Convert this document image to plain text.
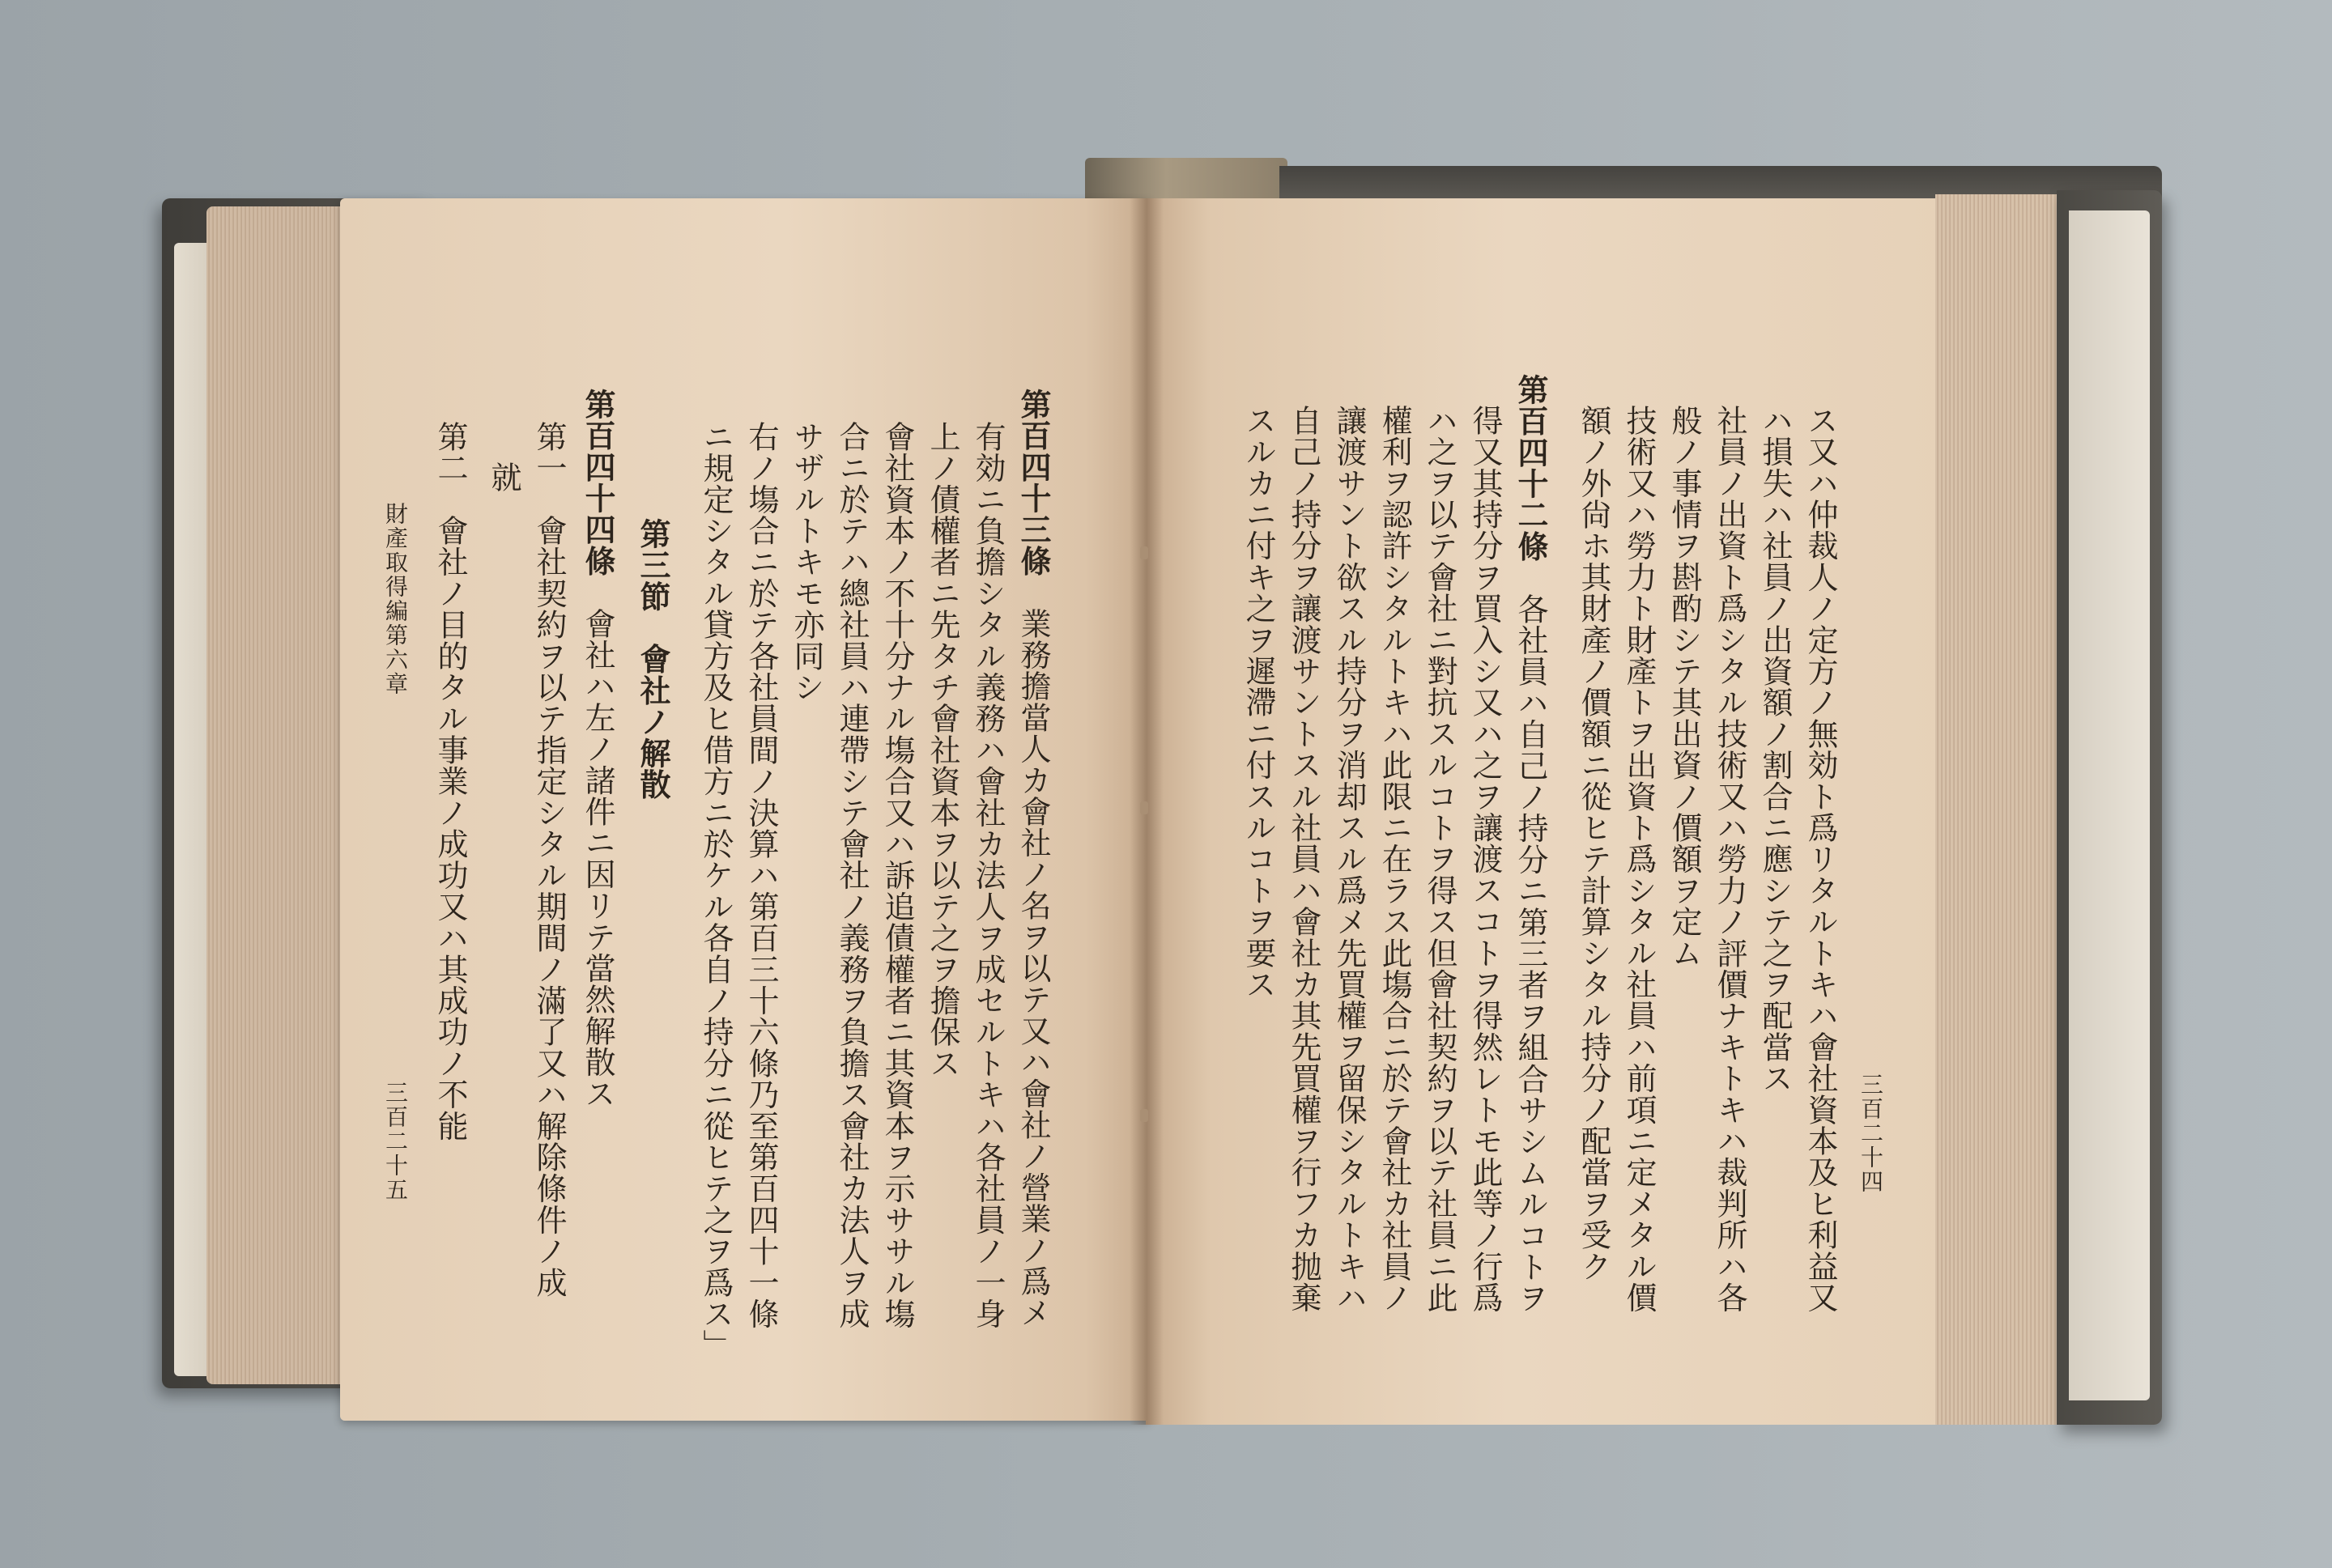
三百二十四
ス又ハ仲裁人ノ定方ノ無効ト爲リタルトキハ會社資本及ヒ利益又
ハ損失ハ社員ノ出資額ノ割合ニ應シテ之ヲ配當ス
社員ノ出資ト爲シタル技術又ハ勞力ノ評價ナキトキハ裁判所ハ各
般ノ事情ヲ斟酌シテ其出資ノ價額ヲ定ム
技術又ハ勞力ト財產トヲ出資ト爲シタル社員ハ前項ニ定メタル價
額ノ外尙ホ其財產ノ價額ニ從ヒテ計算シタル持分ノ配當ヲ受ク
第百四十二條　各社員ハ自己ノ持分ニ第三者ヲ組合サシムルコトヲ
得又其持分ヲ買入シ又ハ之ヲ讓渡スコトヲ得然レトモ此等ノ行爲
ハ之ヲ以テ會社ニ對抗スルコトヲ得ス但會社契約ヲ以テ社員ニ此
權利ヲ認許シタルトキハ此限ニ在ラス此塲合ニ於テ會社カ社員ノ
讓渡サント欲スル持分ヲ消却スル爲メ先買權ヲ留保シタルトキハ
自己ノ持分ヲ讓渡サントスル社員ハ會社カ其先買權ヲ行フカ抛棄
スルカニ付キ之ヲ遲滯ニ付スルコトヲ要ス
第百四十三條　業務擔當人カ會社ノ名ヲ以テ又ハ會社ノ營業ノ爲メ
有効ニ負擔シタル義務ハ會社カ法人ヲ成セルトキハ各社員ノ一身
上ノ債權者ニ先タチ會社資本ヲ以テ之ヲ擔保ス
會社資本ノ不十分ナル塲合又ハ訴追債權者ニ其資本ヲ示ササル塲
合ニ於テハ總社員ハ連帶シテ會社ノ義務ヲ負擔ス會社カ法人ヲ成
サザルトキモ亦同シ
右ノ塲合ニ於テ各社員間ノ決算ハ第百三十六條乃至第百四十一條
ニ規定シタル貸方及ヒ借方ニ於ケル各自ノ持分ニ從ヒテ之ヲ爲ス」
第三節　會社ノ解散
第百四十四條　會社ハ左ノ諸件ニ因リテ當然解散ス
第一　會社契約ヲ以テ指定シタル期間ノ滿了又ハ解除條件ノ成
就
第二　會社ノ目的タル事業ノ成功又ハ其成功ノ不能
財產取得編第六章
三百二十五
